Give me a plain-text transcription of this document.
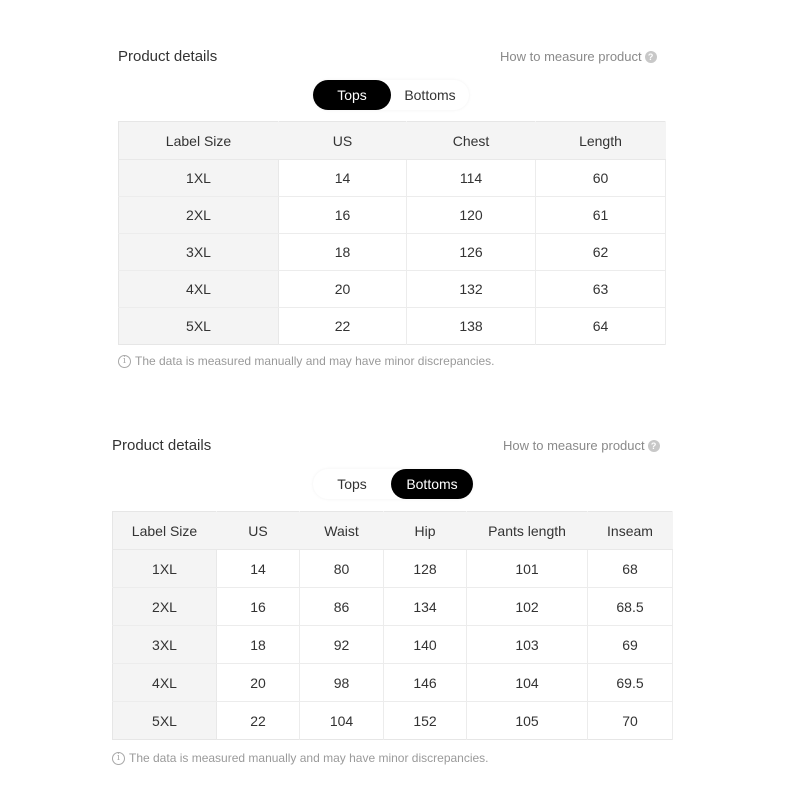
Product details	How to measure product ?
Tops	Bottoms
Label Size	US	Chest	Length
1XL	14	114	60
2XL	16	120	61
3XL	18	126	62
4XL	20	132	63
5XL	22	138	64
i The data is measured manually and may have minor discrepancies.
Product details	How to measure product ?
Tops	Bottoms
Label Size	US	Waist	Hip	Pants length	Inseam
1XL	14	80	128	101	68
2XL	16	86	134	102	68.5
3XL	18	92	140	103	69
4XL	20	98	146	104	69.5
5XL	22	104	152	105	70
i The data is measured manually and may have minor discrepancies.
